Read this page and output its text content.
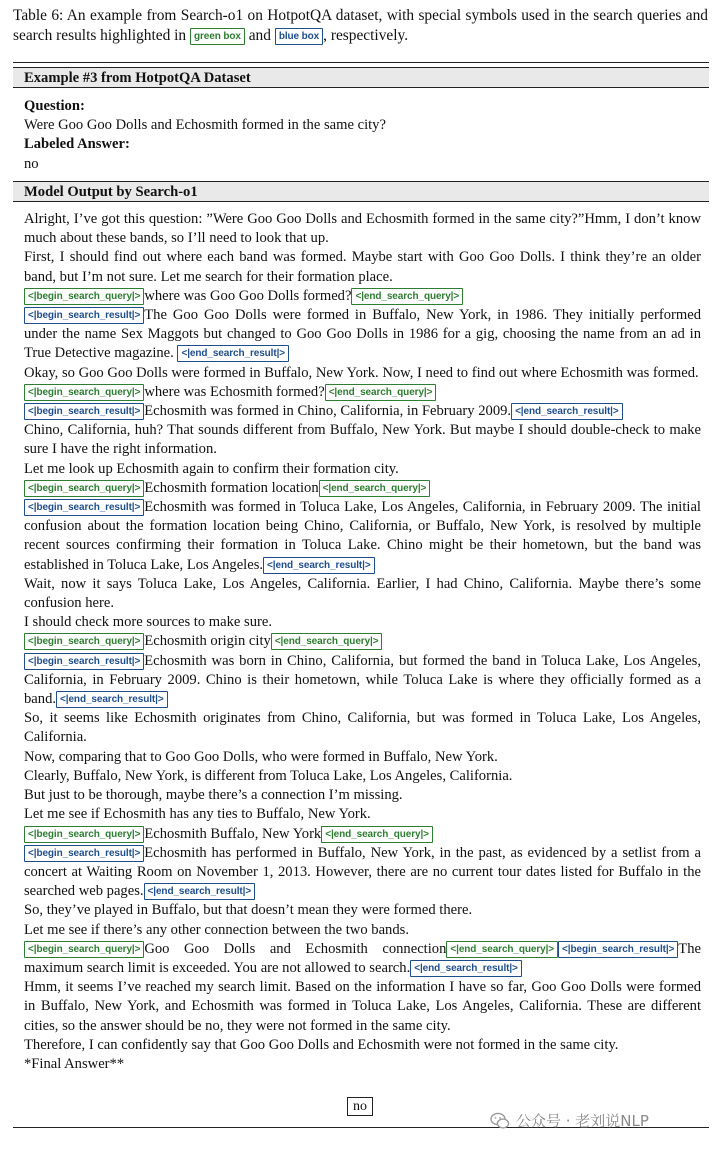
Table 6: An example from Search-o1 on HotpotQA dataset, with special symbols used in the search queries and search results highlighted in green box and blue box , respectively.
Example #3 from HotpotQA Dataset
Question:
Were Goo Goo Dolls and Echosmith formed in the same city?
Labeled Answer:
no
Model Output by Search-o1
Alright, I’ve got this question: ”Were Goo Goo Dolls and Echosmith formed in the same city?”Hmm, I don’t know much about these bands, so I’ll need to look that up.
First, I should find out where each band was formed. Maybe start with Goo Goo Dolls. I think they’re an older band, but I’m not sure. Let me search for their formation place.
<|begin_search_query|> where was Goo Goo Dolls formed? <|end_search_query|>
<|begin_search_result|> The Goo Goo Dolls were formed in Buffalo, New York, in 1986. They initially performed under the name Sex Maggots but changed to Goo Goo Dolls in 1986 for a gig, choosing the name from an ad in True Detective magazine. <|end_search_result|>
Okay, so Goo Goo Dolls were formed in Buffalo, New York. Now, I need to find out where Echosmith was formed.
<|begin_search_query|> where was Echosmith formed? <|end_search_query|>
<|begin_search_result|> Echosmith was formed in Chino, California, in February 2009. <|end_search_result|>
Chino, California, huh? That sounds different from Buffalo, New York. But maybe I should double-check to make sure I have the right information.
Let me look up Echosmith again to confirm their formation city.
<|begin_search_query|> Echosmith formation location <|end_search_query|>
<|begin_search_result|> Echosmith was formed in Toluca Lake, Los Angeles, California, in February 2009. The initial confusion about the formation location being Chino, California, or Buffalo, New York, is resolved by multiple recent sources confirming their formation in Toluca Lake. Chino might be their hometown, but the band was established in Toluca Lake, Los Angeles. <|end_search_result|>
Wait, now it says Toluca Lake, Los Angeles, California. Earlier, I had Chino, California. Maybe there’s some confusion here.
I should check more sources to make sure.
<|begin_search_query|> Echosmith origin city <|end_search_query|>
<|begin_search_result|> Echosmith was born in Chino, California, but formed the band in Toluca Lake, Los Angeles, California, in February 2009. Chino is their hometown, while Toluca Lake is where they officially formed as a band. <|end_search_result|>
So, it seems like Echosmith originates from Chino, California, but was formed in Toluca Lake, Los Angeles, California.
Now, comparing that to Goo Goo Dolls, who were formed in Buffalo, New York.
Clearly, Buffalo, New York, is different from Toluca Lake, Los Angeles, California.
But just to be thorough, maybe there’s a connection I’m missing.
Let me see if Echosmith has any ties to Buffalo, New York.
<|begin_search_query|> Echosmith Buffalo, New York <|end_search_query|>
<|begin_search_result|> Echosmith has performed in Buffalo, New York, in the past, as evidenced by a setlist from a concert at Waiting Room on November 1, 2013. However, there are no current tour dates listed for Buffalo in the searched web pages. <|end_search_result|>
So, they’ve played in Buffalo, but that doesn’t mean they were formed there.
Let me see if there’s any other connection between the two bands.
<|begin_search_query|> Goo Goo Dolls and Echosmith connection <|end_search_query|> <|begin_search_result|> The maximum search limit is exceeded. You are not allowed to search. <|end_search_result|>
Hmm, it seems I’ve reached my search limit. Based on the information I have so far, Goo Goo Dolls were formed in Buffalo, New York, and Echosmith was formed in Toluca Lake, Los Angeles, California. These are different cities, so the answer should be no, they were not formed in the same city.
Therefore, I can confidently say that Goo Goo Dolls and Echosmith were not formed in the same city.
*Final Answer**
no
公众号 · 老刘说NLP
